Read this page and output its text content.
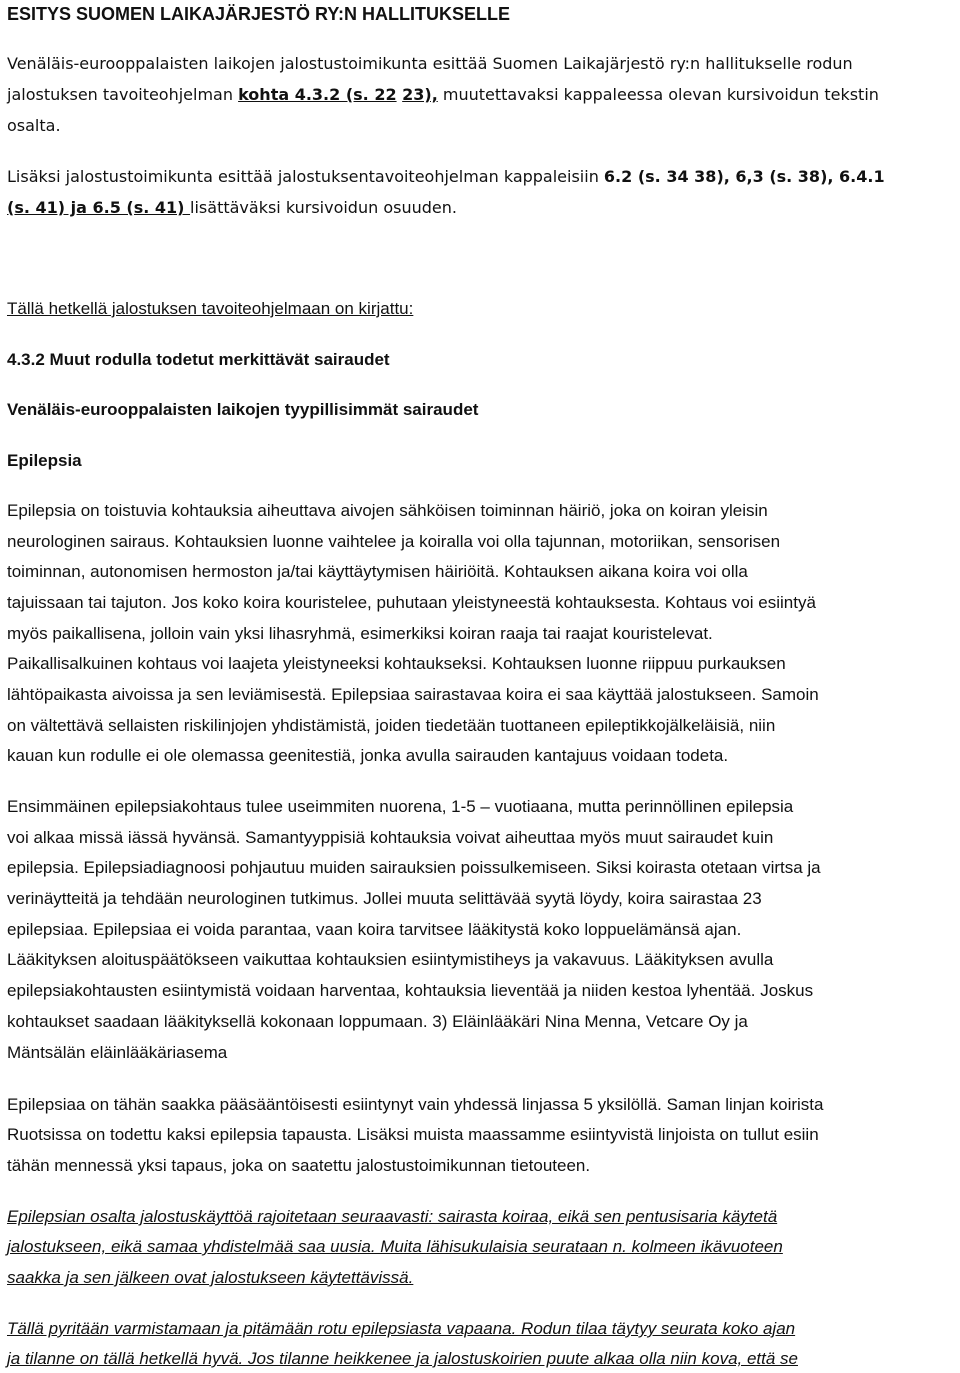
ESITYS SUOMEN LAIKAJÄRJESTÖ RY:N HALLITUKSELLE
Venäläis-eurooppalaisten laikojen jalostustoimikunta esittää Suomen Laikajärjestö ry:n hallitukselle rodun
jalostuksen tavoiteohjelman kohta 4.3.2 (s. 22 23), muutettavaksi kappaleessa olevan kursivoidun tekstin
osalta.
Lisäksi jalostustoimikunta esittää jalostuksentavoiteohjelman kappaleisiin 6.2 (s. 34 38), 6,3 (s. 38), 6.4.1
(s. 41) ja 6.5 (s. 41) lisättäväksi kursivoidun osuuden.
Tällä hetkellä jalostuksen tavoiteohjelmaan on kirjattu:
4.3.2 Muut rodulla todetut merkittävät sairaudet
Venäläis-eurooppalaisten laikojen tyypillisimmät sairaudet
Epilepsia
Epilepsia on toistuvia kohtauksia aiheuttava aivojen sähköisen toiminnan häiriö, joka on koiran yleisin
neurologinen sairaus. Kohtauksien luonne vaihtelee ja koiralla voi olla tajunnan, motoriikan, sensorisen
toiminnan, autonomisen hermoston ja/tai käyttäytymisen häiriöitä. Kohtauksen aikana koira voi olla
tajuissaan tai tajuton. Jos koko koira kouristelee, puhutaan yleistyneestä kohtauksesta. Kohtaus voi esiintyä
myös paikallisena, jolloin vain yksi lihasryhmä, esimerkiksi koiran raaja tai raajat kouristelevat.
Paikallisalkuinen kohtaus voi laajeta yleistyneeksi kohtaukseksi. Kohtauksen luonne riippuu purkauksen
lähtöpaikasta aivoissa ja sen leviämisestä. Epilepsiaa sairastavaa koira ei saa käyttää jalostukseen. Samoin
on vältettävä sellaisten riskilinjojen yhdistämistä, joiden tiedetään tuottaneen epileptikkojälkeläisiä, niin
kauan kun rodulle ei ole olemassa geenitestiä, jonka avulla sairauden kantajuus voidaan todeta.
Ensimmäinen epilepsiakohtaus tulee useimmiten nuorena, 1-5 – vuotiaana, mutta perinnöllinen epilepsia
voi alkaa missä iässä hyvänsä. Samantyyppisiä kohtauksia voivat aiheuttaa myös muut sairaudet kuin
epilepsia. Epilepsiadiagnoosi pohjautuu muiden sairauksien poissulkemiseen. Siksi koirasta otetaan virtsa ja
verinäytteitä ja tehdään neurologinen tutkimus. Jollei muuta selittävää syytä löydy, koira sairastaa 23
epilepsiaa. Epilepsiaa ei voida parantaa, vaan koira tarvitsee lääkitystä koko loppuelämänsä ajan.
Lääkityksen aloituspäätökseen vaikuttaa kohtauksien esiintymistiheys ja vakavuus. Lääkityksen avulla
epilepsiakohtausten esiintymistä voidaan harventaa, kohtauksia lieventää ja niiden kestoa lyhentää. Joskus
kohtaukset saadaan lääkityksellä kokonaan loppumaan. 3) Eläinlääkäri Nina Menna, Vetcare Oy ja
Mäntsälän eläinlääkäriasema
Epilepsiaa on tähän saakka pääsääntöisesti esiintynyt vain yhdessä linjassa 5 yksilöllä. Saman linjan koirista
Ruotsissa on todettu kaksi epilepsia tapausta. Lisäksi muista maassamme esiintyvistä linjoista on tullut esiin
tähän mennessä yksi tapaus, joka on saatettu jalostustoimikunnan tietouteen.
Epilepsian osalta jalostuskäyttöä rajoitetaan seuraavasti: sairasta koiraa, eikä sen pentusisaria käytetä
jalostukseen, eikä samaa yhdistelmää saa uusia. Muita lähisukulaisia seurataan n. kolmeen ikävuoteen
saakka ja sen jälkeen ovat jalostukseen käytettävissä.
Tällä pyritään varmistamaan ja pitämään rotu epilepsiasta vapaana. Rodun tilaa täytyy seurata koko ajan
ja tilanne on tällä hetkellä hyvä. Jos tilanne heikkenee ja jalostuskoirien puute alkaa olla niin kova, että se
